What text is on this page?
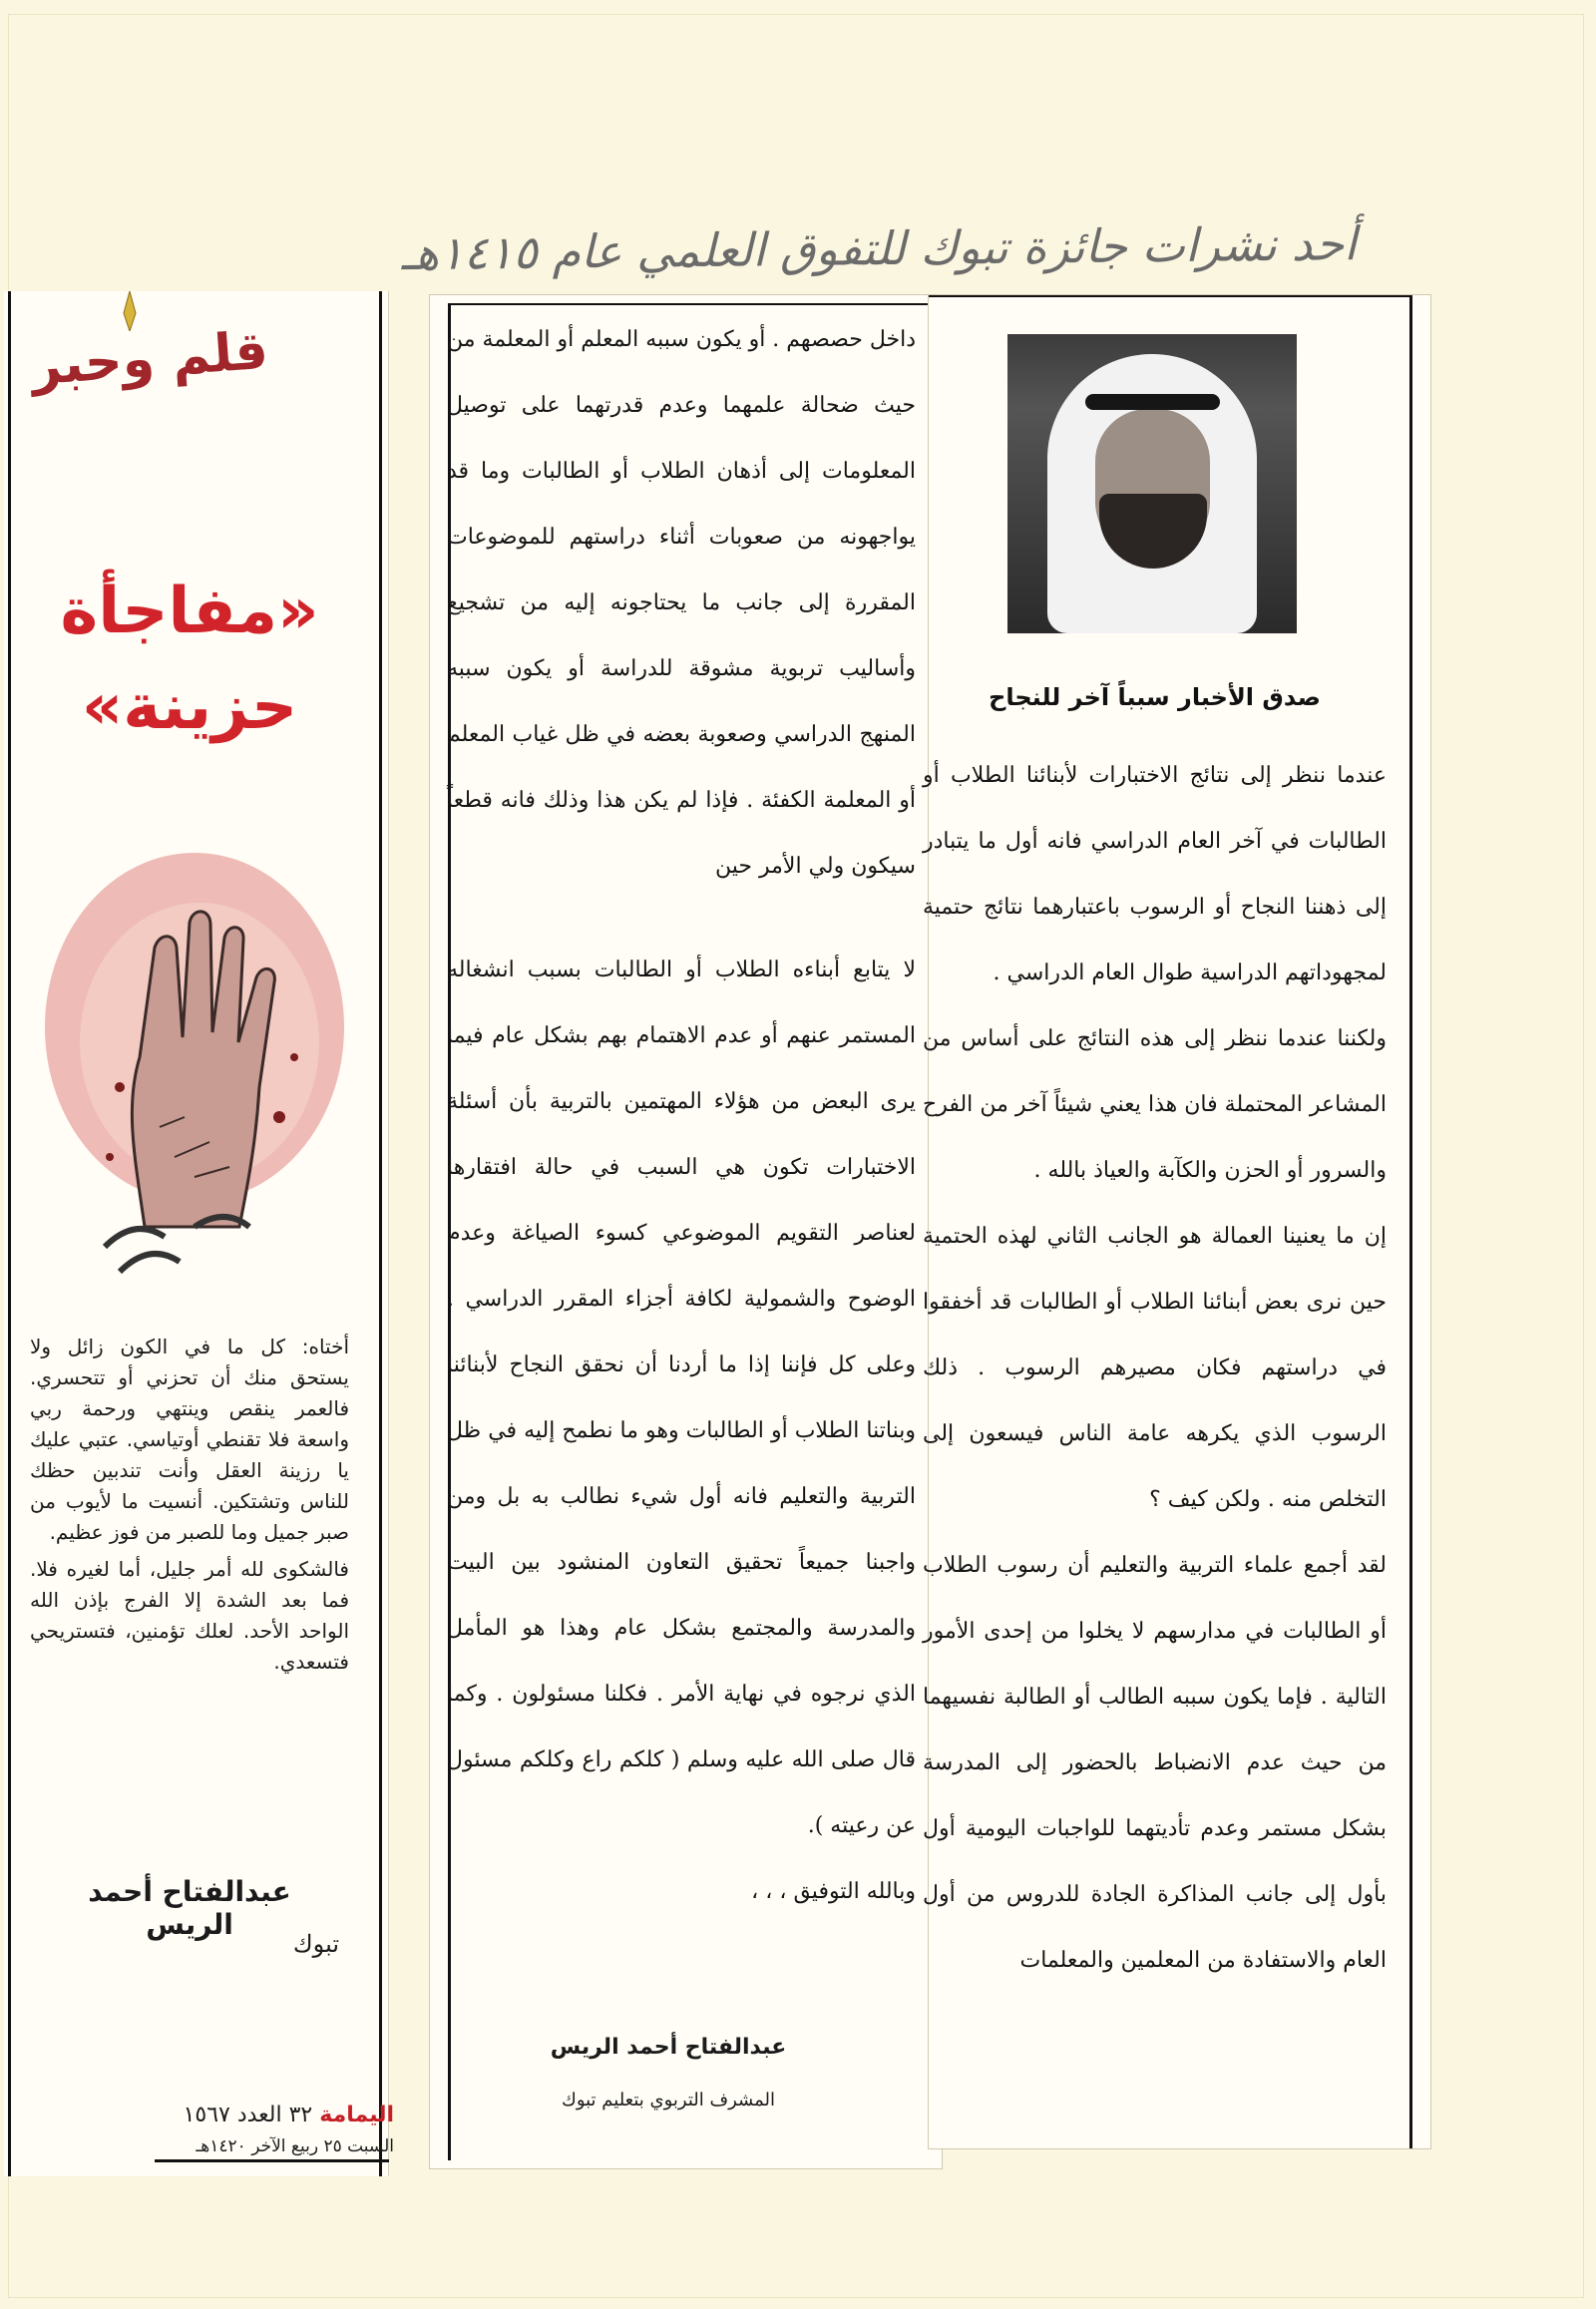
أحد نشرات جائزة تبوك للتفوق العلمي عام ١٤١٥هـ
قلم وحبر
«مفاجأة
حزينة»

أختاه: كل ما في الكون زائل ولا يستحق منك أن تحزني أو تتحسري. فالعمر ينقص وينتهي ورحمة ربي واسعة فلا تقنطي أوتياسي. عتبي عليك يا رزينة العقل وأنت تندبين حظك للناس وتشتكين. أنسيت ما لأيوب من صبر جميل وما للصبر من فوز عظيم.

فالشكوى لله أمر جليل، أما لغيره فلا. فما بعد الشدة إلا الفرج بإذن الله الواحد الأحد. لعلك تؤمنين، فتستريحي فتسعدي.

عبدالفتاح أحمد الريس
تبوك
اليمامة ٣٢ العدد ١٥٦٧
السبت ٢٥ ربيع الآخر ١٤٢٠هـ

داخل حصصهم . أو يكون سببه المعلم أو المعلمة من حيث ضحالة علمهما وعدم قدرتهما على توصيل المعلومات إلى أذهان الطلاب أو الطالبات وما قد يواجهونه من صعوبات أثناء دراستهم للموضوعات المقررة إلى جانب ما يحتاجونه إليه من تشجيع وأساليب تربوية مشوقة للدراسة أو يكون سببه المنهج الدراسي وصعوبة بعضه في ظل غياب المعلم أو المعلمة الكفئة . فإذا لم يكن هذا وذلك فانه قطعاً سيكون ولي الأمر حين

لا يتابع أبناءه الطلاب أو الطالبات بسبب انشغاله المستمر عنهم أو عدم الاهتمام بهم بشكل عام فيما يرى البعض من هؤلاء المهتمين بالتربية بأن أسئلة الاختبارات تكون هي السبب في حالة افتقارها لعناصر التقويم الموضوعي كسوء الصياغة وعدم الوضوح والشمولية لكافة أجزاء المقرر الدراسي . وعلى كل فإننا إذا ما أردنا أن نحقق النجاح لأبنائنا وبناتنا الطلاب أو الطالبات وهو ما نطمح إليه في ظل التربية والتعليم فانه أول شيء نطالب به بل ومن واجبنا جميعاً تحقيق التعاون المنشود بين البيت والمدرسة والمجتمع بشكل عام وهذا هو المأمل الذي نرجوه في نهاية الأمر . فكلنا مسئولون . وكما قال صلى الله عليه وسلم ( كلكم راع وكلكم مسئول عن رعيته ).

وبالله التوفيق ، ، ،

عبدالفتاح أحمد الريس
المشرف التربوي بتعليم تبوك
صدق الأخبار سبباً آخر للنجاح

عندما ننظر إلى نتائج الاختبارات لأبنائنا الطلاب أو الطالبات في آخر العام الدراسي فانه أول ما يتبادر إلى ذهننا النجاح أو الرسوب باعتبارهما نتائج حتمية لمجهوداتهم الدراسية طوال العام الدراسي .

ولكننا عندما ننظر إلى هذه النتائج على أساس من المشاعر المحتملة فان هذا يعني شيئاً آخر من الفرح والسرور أو الحزن والكآبة والعياذ بالله .

إن ما يعنينا العمالة هو الجانب الثاني لهذه الحتمية حين نرى بعض أبنائنا الطلاب أو الطالبات قد أخفقوا في دراستهم فكان مصيرهم الرسوب . ذلك الرسوب الذي يكرهه عامة الناس فيسعون إلى التخلص منه . ولكن كيف ؟

لقد أجمع علماء التربية والتعليم أن رسوب الطلاب أو الطالبات في مدارسهم لا يخلوا من إحدى الأمور التالية . فإما يكون سببه الطالب أو الطالبة نفسيهما من حيث عدم الانضباط بالحضور إلى المدرسة بشكل مستمر وعدم تأديتهما للواجبات اليومية أول بأول إلى جانب المذاكرة الجادة للدروس من أول العام والاستفادة من المعلمين والمعلمات
